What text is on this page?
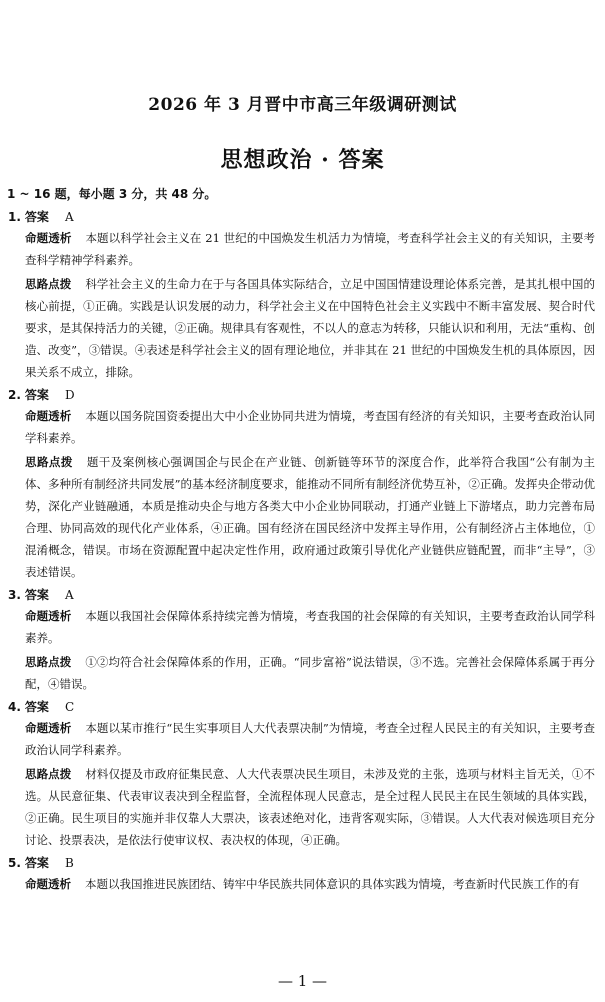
2026 年 3 月晋中市高三年级调研测试
思想政治 · 答案
1 ~ 16 题，每小题 3 分，共 48 分。
1. 答案 A
命题透析 本题以科学社会主义在 21 世纪的中国焕发生机活力为情境，考查科学社会主义的有关知识，主要考查科学精神学科素养。
思路点拨 科学社会主义的生命力在于与各国具体实际结合，立足中国国情建设理论体系完善，是其扎根中国的核心前提，①正确。实践是认识发展的动力，科学社会主义在中国特色社会主义实践中不断丰富发展、契合时代要求，是其保持活力的关键，②正确。规律具有客观性，不以人的意志为转移，只能认识和利用，无法“重构、创造、改变”，③错误。④表述是科学社会主义的固有理论地位，并非其在 21 世纪的中国焕发生机的具体原因，因果关系不成立，排除。
2. 答案 D
命题透析 本题以国务院国资委提出大中小企业协同共进为情境，考查国有经济的有关知识，主要考查政治认同学科素养。
思路点拨 题干及案例核心强调国企与民企在产业链、创新链等环节的深度合作，此举符合我国“公有制为主体、多种所有制经济共同发展”的基本经济制度要求，能推动不同所有制经济优势互补，②正确。发挥央企带动优势，深化产业链融通，本质是推动央企与地方各类大中小企业协同联动，打通产业链上下游堵点，助力完善布局合理、协同高效的现代化产业体系，④正确。国有经济在国民经济中发挥主导作用，公有制经济占主体地位，①混淆概念，错误。市场在资源配置中起决定性作用，政府通过政策引导优化产业链供应链配置，而非“主导”，③表述错误。
3. 答案 A
命题透析 本题以我国社会保障体系持续完善为情境，考查我国的社会保障的有关知识，主要考查政治认同学科素养。
思路点拨 ①②均符合社会保障体系的作用，正确。“同步富裕”说法错误，③不选。完善社会保障体系属于再分配，④错误。
4. 答案 C
命题透析 本题以某市推行“民生实事项目人大代表票决制”为情境，考查全过程人民民主的有关知识，主要考查政治认同学科素养。
思路点拨 材料仅提及市政府征集民意、人大代表票决民生项目，未涉及党的主张，选项与材料主旨无关，①不选。从民意征集、代表审议表决到全程监督，全流程体现人民意志，是全过程人民民主在民生领域的具体实践，②正确。民生项目的实施并非仅靠人大票决，该表述绝对化，违背客观实际，③错误。人大代表对候选项目充分讨论、投票表决，是依法行使审议权、表决权的体现，④正确。
5. 答案 B
命题透析 本题以我国推进民族团结、铸牢中华民族共同体意识的具体实践为情境，考查新时代民族工作的有
— 1 —
